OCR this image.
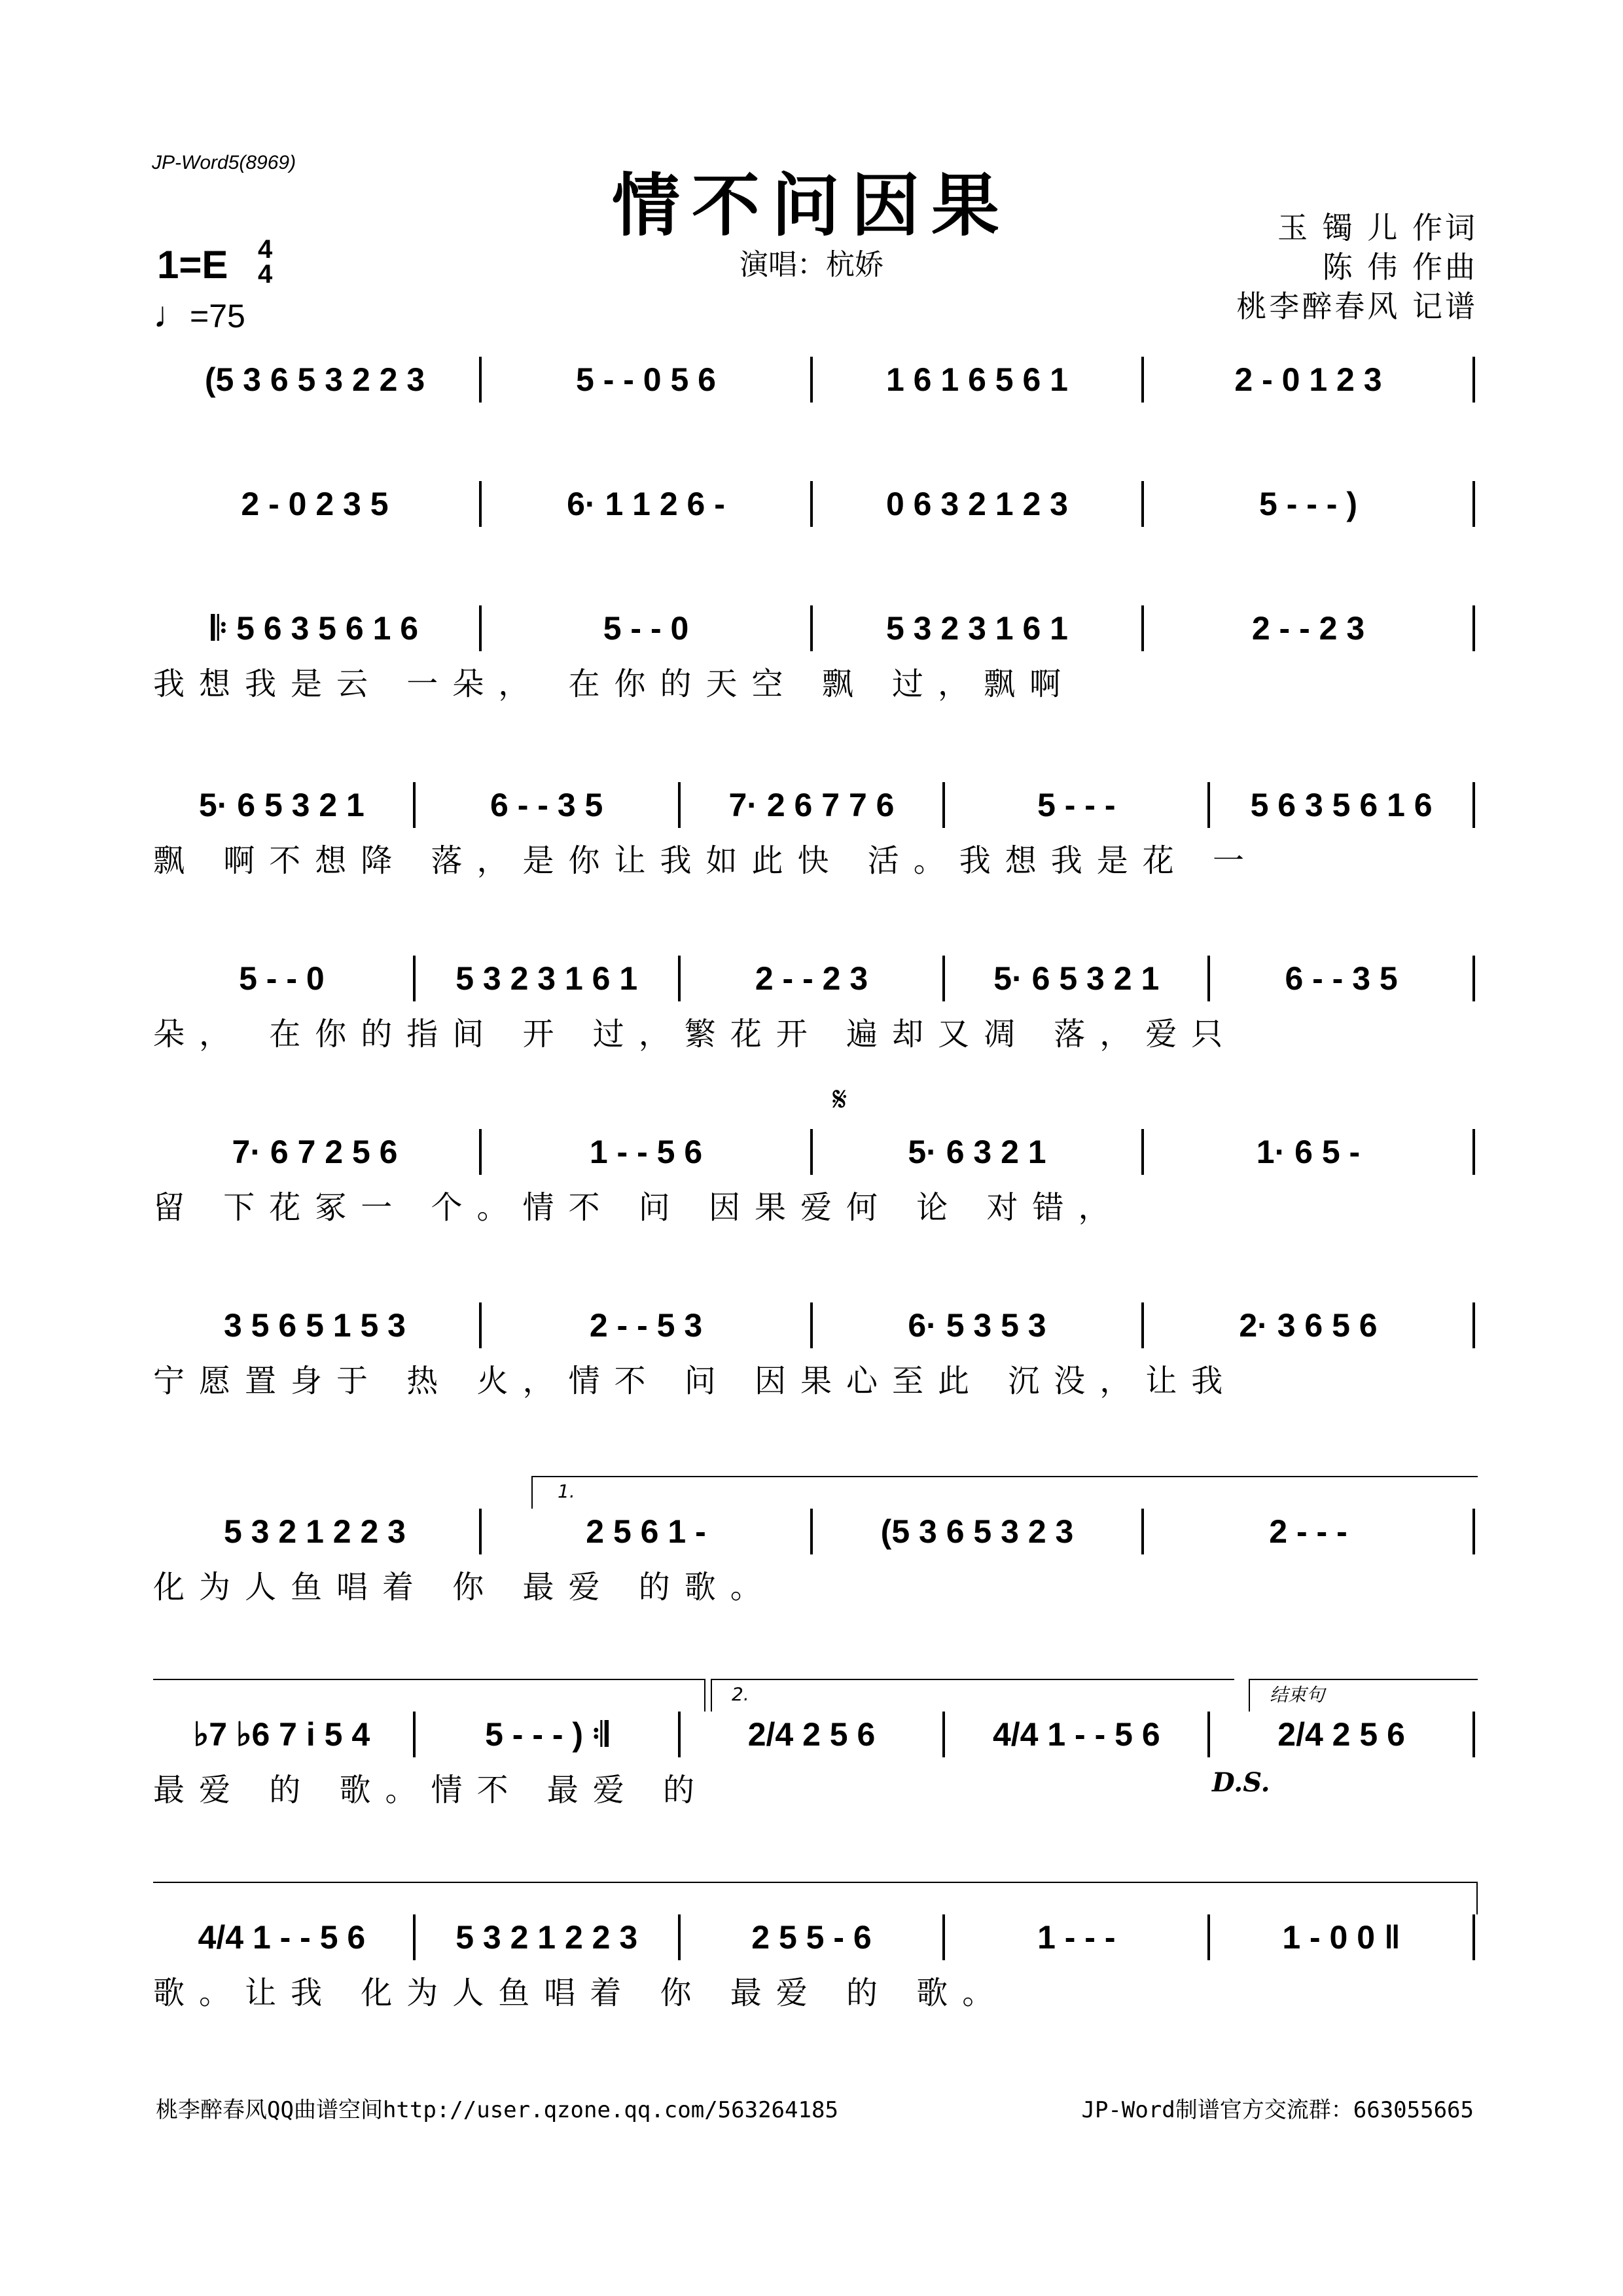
JP-Word5(8969)
情不问因果
演唱：杭娇
玉 镯 儿 作词
陈 伟 作曲
桃李醉春风 记谱
1=E 4
4
♩=75
𝄋
D.S.
1.
2.	结束句
(5 3 6 5 3 2 2 3	5 - - 0 5 6	1 6 1 6 5 6 1	2 - 0 1 2 3
2 - 0 2 3 5	6· 1 1 2 6 -	0 6 3 2 1 2 3	5 - - - )
𝄆 5 6 3 5 6 1 6	5 - - 0	5 3 2 3 1 6 1	2 - - 2 3
我想我是云 一朵， 在你的天空 飘 过，飘啊
5· 6 5 3 2 1	6 - - 3 5	7· 2 6 7 7 6	5 - - -	5 6 3 5 6 1 6
飘 啊不想降 落，是你让我如此快 活。我想我是花 一
5 - - 0	5 3 2 3 1 6 1	2 - - 2 3	5· 6 5 3 2 1	6 - - 3 5
朵， 在你的指间 开 过，繁花开 遍却又凋 落，爱只
7· 6 7 2 5 6	1 - - 5 6	5· 6 3 2 1	1· 6 5 -
留 下花冢一 个。情不 问 因果爱何 论 对错，
3 5 6 5 1 5 3	2 - - 5 3	6· 5 3 5 3	2· 3 6 5 6
宁愿置身于 热 火，情不 问 因果心至此 沉没，让我
5 3 2 1 2 2 3	2 5 6 1 -	(5 3 6 5 3 2 3	2 - - -
化为人鱼唱着 你 最爱 的歌。
♭7 ♭6 7 i 5 4	5 - - - ) 𝄇	2/4 2 5 6	4/4 1 - - 5 6	2/4 2 5 6
最爱 的 歌。情不 最爱 的
4/4 1 - - 5 6	5 3 2 1 2 2 3	2 5 5 - 6	1 - - -	1 - 0 0 ‖
歌。让我 化为人鱼唱着 你 最爱 的 歌。
桃李醉春风QQ曲谱空间http://user.qzone.qq.com/563264185	JP-Word制谱官方交流群：663055665
